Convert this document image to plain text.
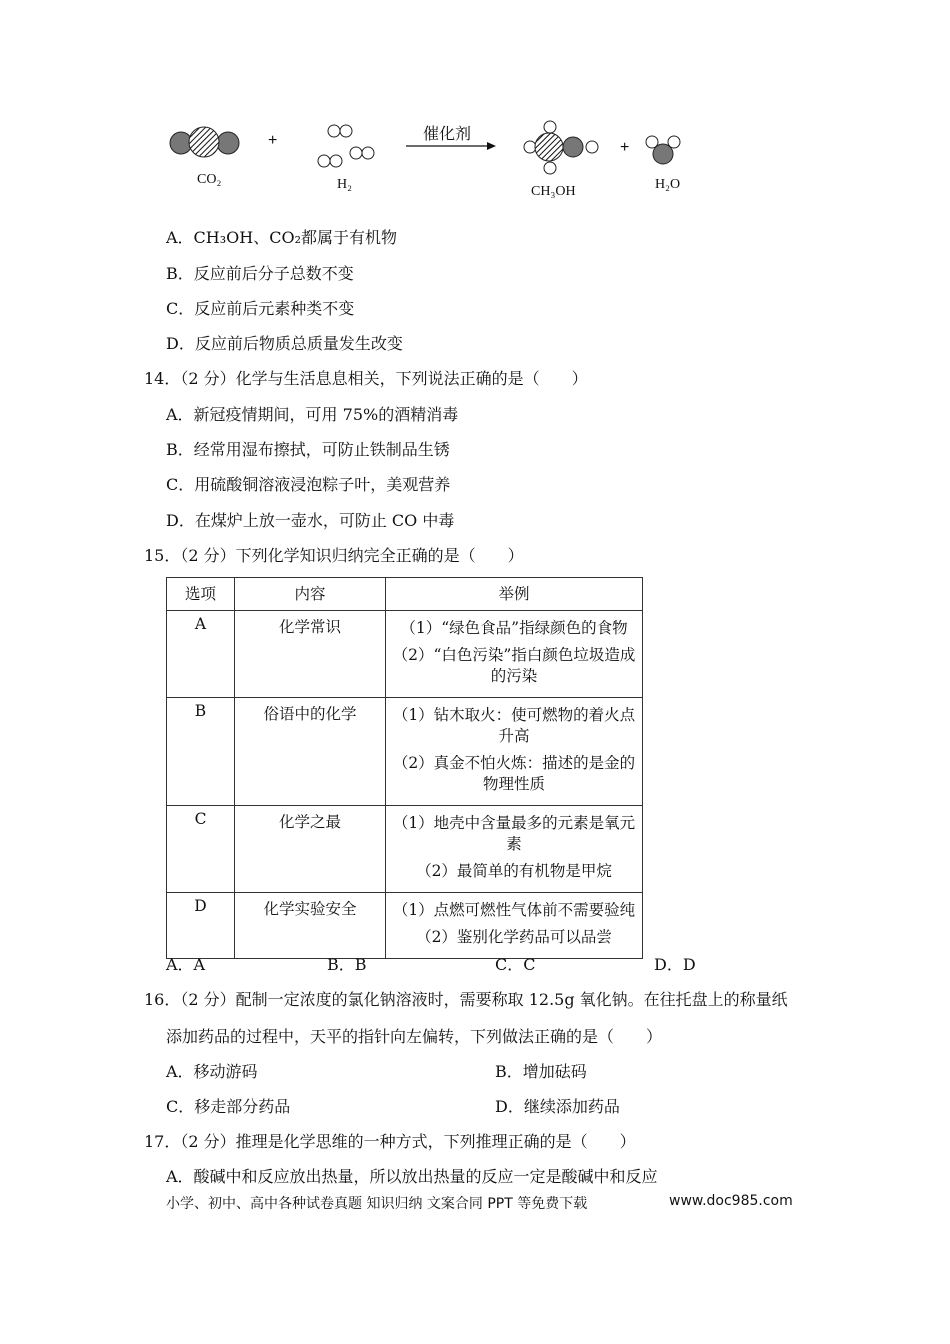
CO₂
+
H₂
催化剂
CH₃OH
+
H₂O
A．CH₃OH、CO₂都属于有机物
B．反应前后分子总数不变
C．反应前后元素种类不变
D．反应前后物质总质量发生改变
14．（2 分）化学与生活息息相关，下列说法正确的是（　　）
A．新冠疫情期间，可用 75%的酒精消毒
B．经常用湿布擦拭，可防止铁制品生锈
C．用硫酸铜溶液浸泡粽子叶，美观营养
D．在煤炉上放一壶水，可防止 CO 中毒
15．（2 分）下列化学知识归纳完全正确的是（　　）
选项	内容	举例
A	化学常识	（1）“绿色食品”指绿颜色的食物
（2）“白色污染”指白颜色垃圾造成的污染

B	俗语中的化学	（1）钻木取火：使可燃物的着火点升高
（2）真金不怕火炼：描述的是金的物理性质

C	化学之最	（1）地壳中含量最多的元素是氧元素
（2）最简单的有机物是甲烷

D	化学实验安全	（1）点燃可燃性气体前不需要验纯
（2）鉴别化学药品可以品尝
A．A	B．B	C．C	D．D
16．（2 分）配制一定浓度的氯化钠溶液时，需要称取 12.5g 氧化钠。在往托盘上的称量纸
添加药品的过程中，天平的指针向左偏转，下列做法正确的是（　　）
A．移动游码	B．增加砝码
C．移走部分药品	D．继续添加药品
17．（2 分）推理是化学思维的一种方式，下列推理正确的是（　　）
A．酸碱中和反应放出热量，所以放出热量的反应一定是酸碱中和反应
小学、初中、高中各种试卷真题 知识归纳 文案合同 PPT 等免费下载	www.doc985.com
